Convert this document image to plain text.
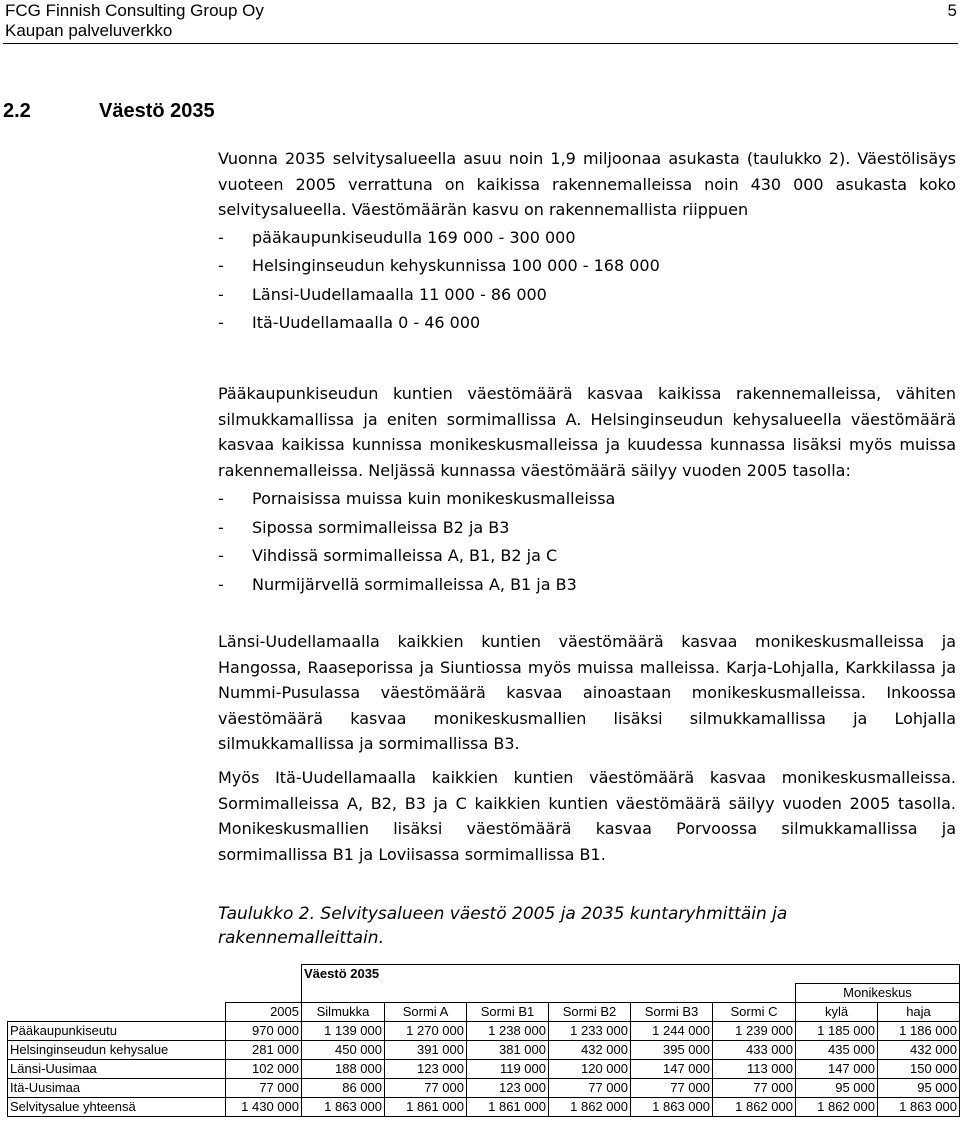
FCG Finnish Consulting Group Oy
Kaupan palveluverkko
5
2.2	Väestö 2035

Vuonna 2035 selvitysalueella asuu noin 1,9 miljoonaa asukasta (taulukko 2). Väestölisäys vuoteen 2005 verrattuna on kaikissa rakennemalleissa noin 430 000 asukasta koko selvitysalueella. Väestömäärän kasvu on rakennemallista riippuen

- pääkaupunkiseudulla 169 000 - 300 000

- Helsinginseudun kehyskunnissa 100 000 - 168 000

- Länsi-Uudellamaalla 11 000 - 86 000

- Itä-Uudellamaalla 0 - 46 000

Pääkaupunkiseudun kuntien väestömäärä kasvaa kaikissa rakennemalleissa, vähiten silmukkamallissa ja eniten sormimallissa A. Helsinginseudun kehysalueella väestömäärä kasvaa kaikissa kunnissa monikeskusmalleissa ja kuudessa kunnassa lisäksi myös muissa rakennemalleissa. Neljässä kunnassa väestömäärä säilyy vuoden 2005 tasolla:

- Pornaisissa muissa kuin monikeskusmalleissa

- Sipossa sormimalleissa B2 ja B3

- Vihdissä sormimalleissa A, B1, B2 ja C

- Nurmijärvellä sormimalleissa A, B1 ja B3

Länsi-Uudellamaalla kaikkien kuntien väestömäärä kasvaa monikeskusmalleissa ja Hangossa, Raaseporissa ja Siuntiossa myös muissa malleissa. Karja-Lohjalla, Karkkilassa ja Nummi-Pusulassa väestömäärä kasvaa ainoastaan monikeskusmalleissa. Inkoossa väestömäärä kasvaa monikeskusmallien lisäksi silmukkamallissa ja Lohjalla silmukkamallissa ja sormimallissa B3.

Myös Itä-Uudellamaalla kaikkien kuntien väestömäärä kasvaa monikeskusmalleissa. Sormimalleissa A, B2, B3 ja C kaikkien kuntien väestömäärä säilyy vuoden 2005 tasolla. Monikeskusmallien lisäksi väestömäärä kasvaa Porvoossa silmukkamallissa ja sormimallissa B1 ja Loviisassa sormimallissa B1.

Taulukko 2. Selvitysalueen väestö 2005 ja 2035 kuntaryhmittäin ja rakennemalleittain.
		Väestö 2035							
								Monikeskus	
	2005	Silmukka	Sormi A	Sormi B1	Sormi B2	Sormi B3	Sormi C	kylä	haja
Pääkaupunkiseutu	970 000	1 139 000	1 270 000	1 238 000	1 233 000	1 244 000	1 239 000	1 185 000	1 186 000
Helsinginseudun kehysalue	281 000	450 000	391 000	381 000	432 000	395 000	433 000	435 000	432 000
Länsi-Uusimaa	102 000	188 000	123 000	119 000	120 000	147 000	113 000	147 000	150 000
Itä-Uusimaa	77 000	86 000	77 000	123 000	77 000	77 000	77 000	95 000	95 000
Selvitysalue yhteensä	1 430 000	1 863 000	1 861 000	1 861 000	1 862 000	1 863 000	1 862 000	1 862 000	1 863 000
